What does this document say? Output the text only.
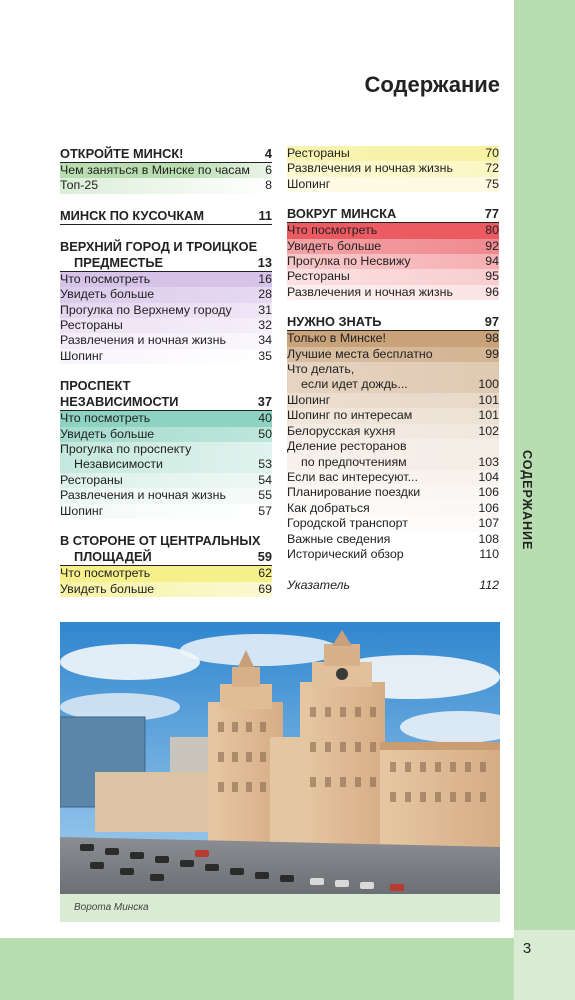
СОДЕРЖАНИЕ
3
Содержание
ОТКРОЙТЕ МИНСК!	4
Чем заняться в Минске по часам	6
Топ-25	8
МИНСК ПО КУСОЧКАМ	11
ВЕРХНИЙ ГОРОД И ТРОИЦКОЕ
ПРЕДМЕСТЬЕ	13
Что посмотреть	16
Увидеть больше	28
Прогулка по Верхнему городу	31
Рестораны	32
Развлечения и ночная жизнь	34
Шопинг	35
ПРОСПЕКТ
НЕЗАВИСИМОСТИ	37
Что посмотреть	40
Увидеть больше	50
Прогулка по проспекту
Независимости	53
Рестораны	54
Развлечения и ночная жизнь	55
Шопинг	57
В СТОРОНЕ ОТ ЦЕНТРАЛЬНЫХ
ПЛОЩАДЕЙ	59
Что посмотреть	62
Увидеть больше	69
Рестораны	70
Развлечения и ночная жизнь	72
Шопинг	75
ВОКРУГ МИНСКА	77
Что посмотреть	80
Увидеть больше	92
Прогулка по Несвижу	94
Рестораны	95
Развлечения и ночная жизнь	96
НУЖНО ЗНАТЬ	97
Только в Минске!	98
Лучшие места бесплатно	99
Что делать,
если идет дождь...	100
Шопинг	101
Шопинг по интересам	101
Белорусская кухня	102
Деление ресторанов
по предпочтениям	103
Если вас интересуют...	104
Планирование поездки	106
Как добраться	106
Городской транспорт	107
Важные сведения	108
Исторический обзор	110
Указатель	112
Ворота Минска
